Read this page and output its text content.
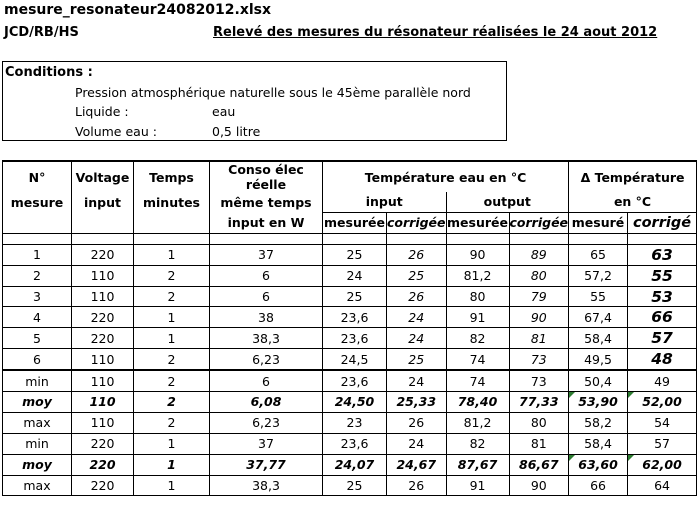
mesure_resonateur24082012.xlsx
JCD/RB/HS	Relevé des mesures du résonateur réalisées le 24 aout 2012
Conditions :
Pression atmosphérique naturelle sous le 45ème parallèle nord
Liquide :	eau
Volume eau :	0,5 litre
N°	Voltage	Temps	Conso élec réelle	Température eau en °C				Δ Température	
mesure	input	minutes	même temps	input		output		en °C	
			input en W	mesurée	corrigée	mesurée	corrigée	mesuré	corrigé

1	220	1	37	25	26	90	89	65	63
2	110	2	6	24	25	81,2	80	57,2	55
3	110	2	6	25	26	80	79	55	53
4	220	1	38	23,6	24	91	90	67,4	66
5	220	1	38,3	23,6	24	82	81	58,4	57
6	110	2	6,23	24,5	25	74	73	49,5	48
min	110	2	6	23,6	24	74	73	50,4	49
moy	110	2	6,08	24,50	25,33	78,40	77,33	53,90	52,00
max	110	2	6,23	23	26	81,2	80	58,2	54
min	220	1	37	23,6	24	82	81	58,4	57
moy	220	1	37,77	24,07	24,67	87,67	86,67	63,60	62,00
max	220	1	38,3	25	26	91	90	66	64
